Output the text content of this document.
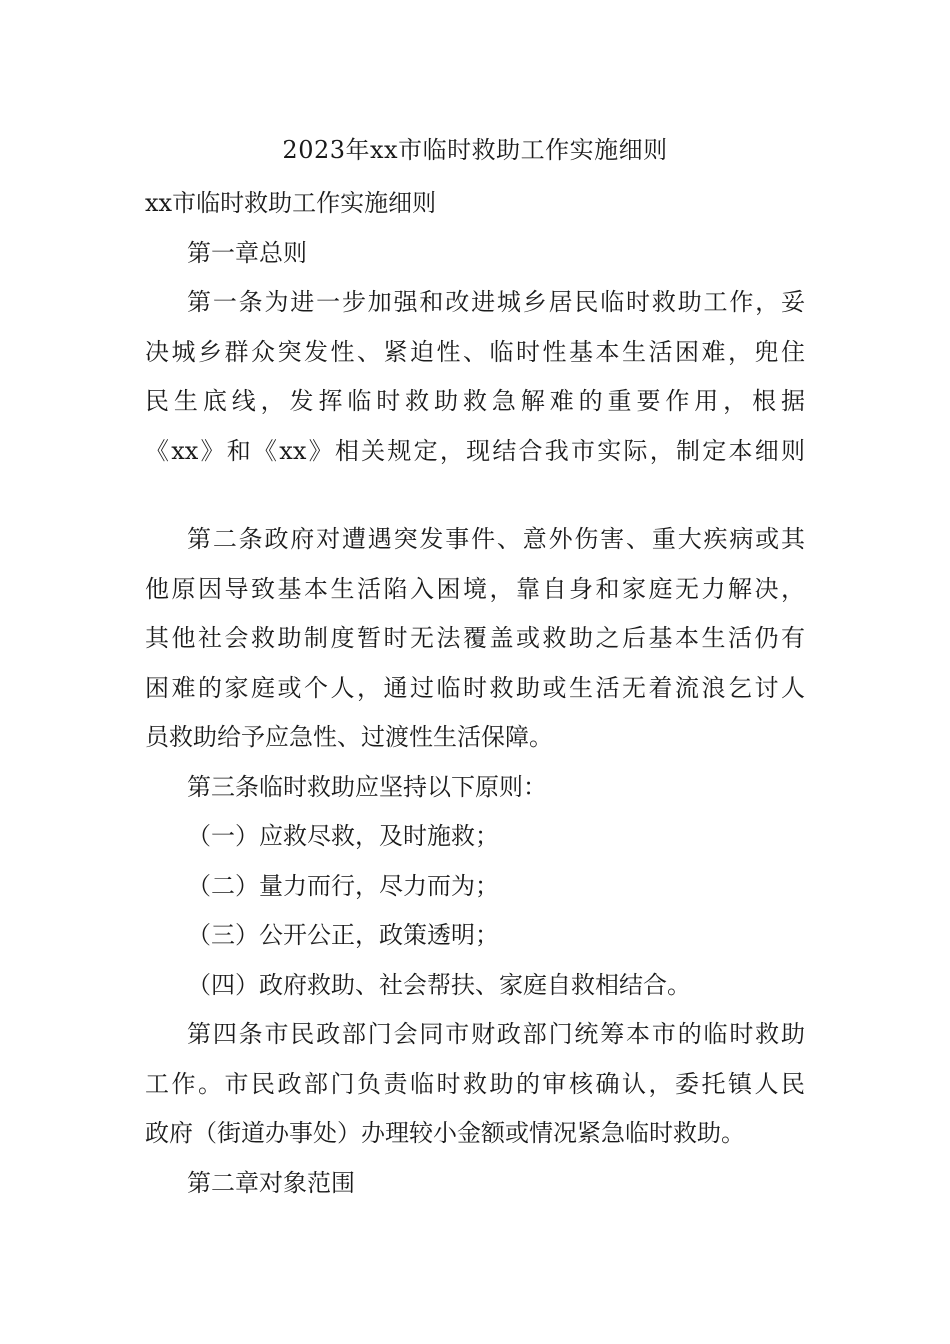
2023年xx市临时救助工作实施细则

xx市临时救助工作实施细则

第一章总则

第一条为进一步加强和改进城乡居民临时救助工作，妥
决城乡群众突发性、紧迫性、临时性基本生活困难，兜住
民生底线，发挥临时救助救急解难的重要作用，根据
《xx》和《xx》相关规定，现结合我市实际，制定本细则
第二条政府对遭遇突发事件、意外伤害、重大疾病或其
他原因导致基本生活陷入困境，靠自身和家庭无力解决，
其他社会救助制度暂时无法覆盖或救助之后基本生活仍有
困难的家庭或个人，通过临时救助或生活无着流浪乞讨人
员救助给予应急性、过渡性生活保障。

第三条临时救助应坚持以下原则：

（一）应救尽救，及时施救；

（二）量力而行，尽力而为；

（三）公开公正，政策透明；

（四）政府救助、社会帮扶、家庭自救相结合。

第四条市民政部门会同市财政部门统筹本市的临时救助
工作。市民政部门负责临时救助的审核确认，委托镇人民
政府（街道办事处）办理较小金额或情况紧急临时救助。

第二章对象范围
